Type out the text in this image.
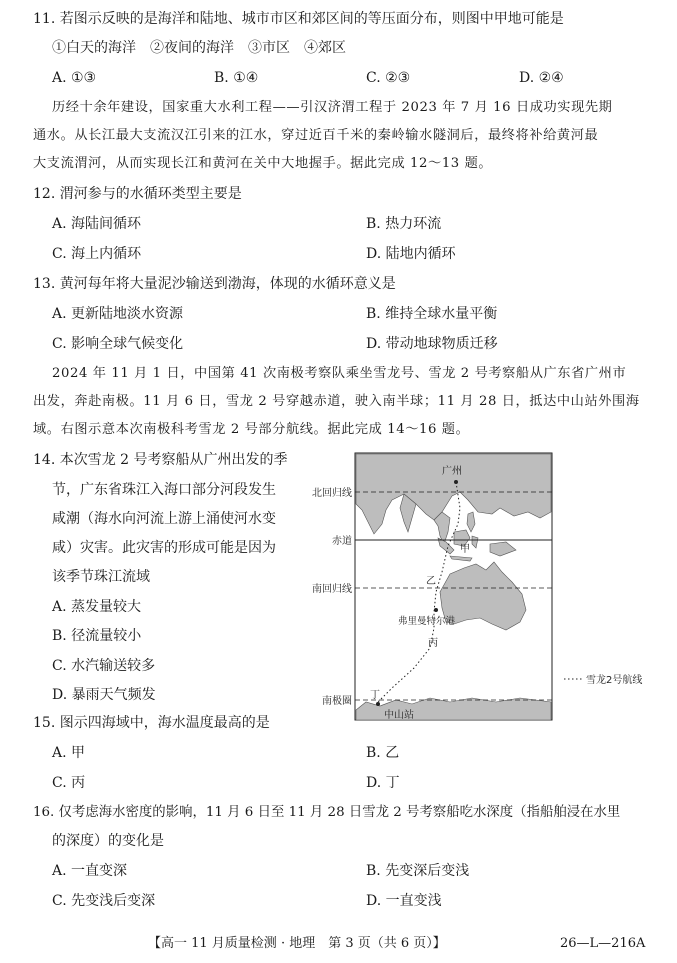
11. 若图示反映的是海洋和陆地、城市市区和郊区间的等压面分布，则图中甲地可能是
①白天的海洋　②夜间的海洋　③市区　④郊区
A. ①③	B. ①④	C. ②③	D. ②④
历经十余年建设，国家重大水利工程——引汉济渭工程于 2023 年 7 月 16 日成功实现先期
通水。从长江最大支流汉江引来的江水，穿过近百千米的秦岭输水隧洞后，最终将补给黄河最
大支流渭河，从而实现长江和黄河在关中大地握手。据此完成 12～13 题。
12. 渭河参与的水循环类型主要是
A. 海陆间循环	B. 热力环流
C. 海上内循环	D. 陆地内循环
13. 黄河每年将大量泥沙输送到渤海，体现的水循环意义是
A. 更新陆地淡水资源	B. 维持全球水量平衡
C. 影响全球气候变化	D. 带动地球物质迁移
2024 年 11 月 1 日，中国第 41 次南极考察队乘坐雪龙号、雪龙 2 号考察船从广东省广州市
出发，奔赴南极。11 月 6 日，雪龙 2 号穿越赤道，驶入南半球；11 月 28 日，抵达中山站外围海
域。右图示意本次南极科考雪龙 2 号部分航线。据此完成 14～16 题。
14. 本次雪龙 2 号考察船从广州出发的季
节，广东省珠江入海口部分河段发生
咸潮（海水向河流上游上涌使河水变
咸）灾害。此灾害的形成可能是因为
该季节珠江流域
A. 蒸发量较大
B. 径流量较小
C. 水汽输送较多
D. 暴雨天气频发
北回归线
赤道
南回归线
南极圈
广州
甲
乙
弗里曼特尔港
丙
丁
中山站
雪龙2号航线
15. 图示四海域中，海水温度最高的是
A. 甲	B. 乙
C. 丙	D. 丁
16. 仅考虑海水密度的影响，11 月 6 日至 11 月 28 日雪龙 2 号考察船吃水深度（指船舶浸在水里
的深度）的变化是
A. 一直变深	B. 先变深后变浅
C. 先变浅后变深	D. 一直变浅
【高一 11 月质量检测 · 地理　第 3 页（共 6 页）】	26—L—216A
